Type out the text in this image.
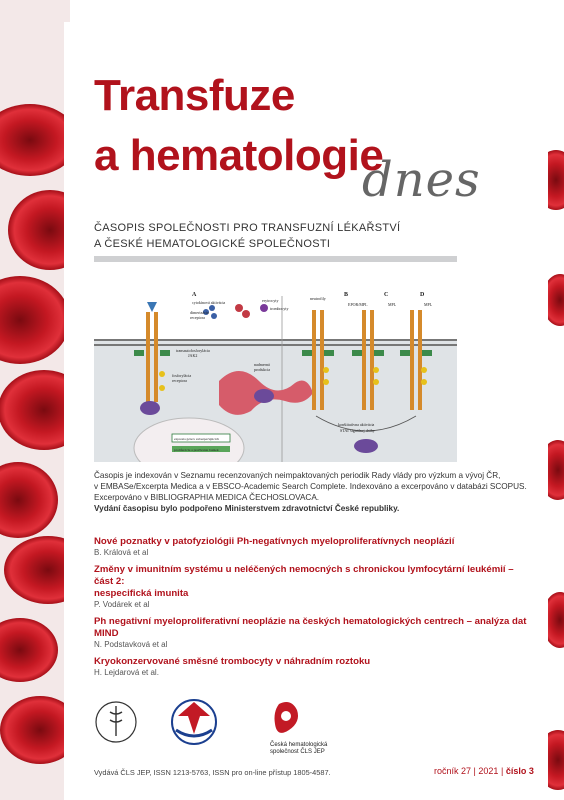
Transfuze
a hematologie
dnes
ČASOPIS SPOLEČNOSTI PRO TRANSFUZNÍ LÉKAŘSTVÍ
A ČESKÉ HEMATOLOGICKÉ SPOLEČNOSTI
A	B	C	D
cytokínová aktivácia
dimerizácia
receptora
erytrocyty
trombocyty
neutrofily
EPOR/MPL	MPL	MPL
transautofosforylácia
JAK2
fosforylácia
receptora
nadmerná
produkcia
expresia génov zabezpečujúcich
proliferáciu a prežívanie buniek
konštitutívna aktivácia
STAT signálnej dráhy
Časopis je indexován v Seznamu recenzovaných neimpaktovaných periodik Rady vlády pro výzkum a vývoj ČR,
v EMBASe/Excerpta Medica a v EBSCO-Academic Search Complete. Indexováno a excerpováno v databázi SCOPUS.
Excerpováno v BIBLIOGRAPHIA MEDICA ČECHOSLOVACA.
Vydání časopisu bylo podpořeno Ministerstvem zdravotnictví České republiky.
Nové poznatky v patofyziológii Ph-negatívnych myeloproliferatívnych neoplázií
B. Králová et al
Změny v imunitním systému u neléčených nemocných s chronickou lymfocytární leukémií – část 2:
nespecifická imunita
P. Vodárek et al
Ph negativní myeloproliferativní neoplázie na českých hematologických centrech – analýza dat MIND
N. Podstavková et al
Kryokonzervované směsné trombocyty v náhradním roztoku
H. Lejdarová et al.
Česká hematologická
společnost ČLS JEP
Vydává ČLS JEP, ISSN 1213-5763, ISSN pro on-line přístup 1805-4587.	ročník 27 | 2021 | číslo 3
